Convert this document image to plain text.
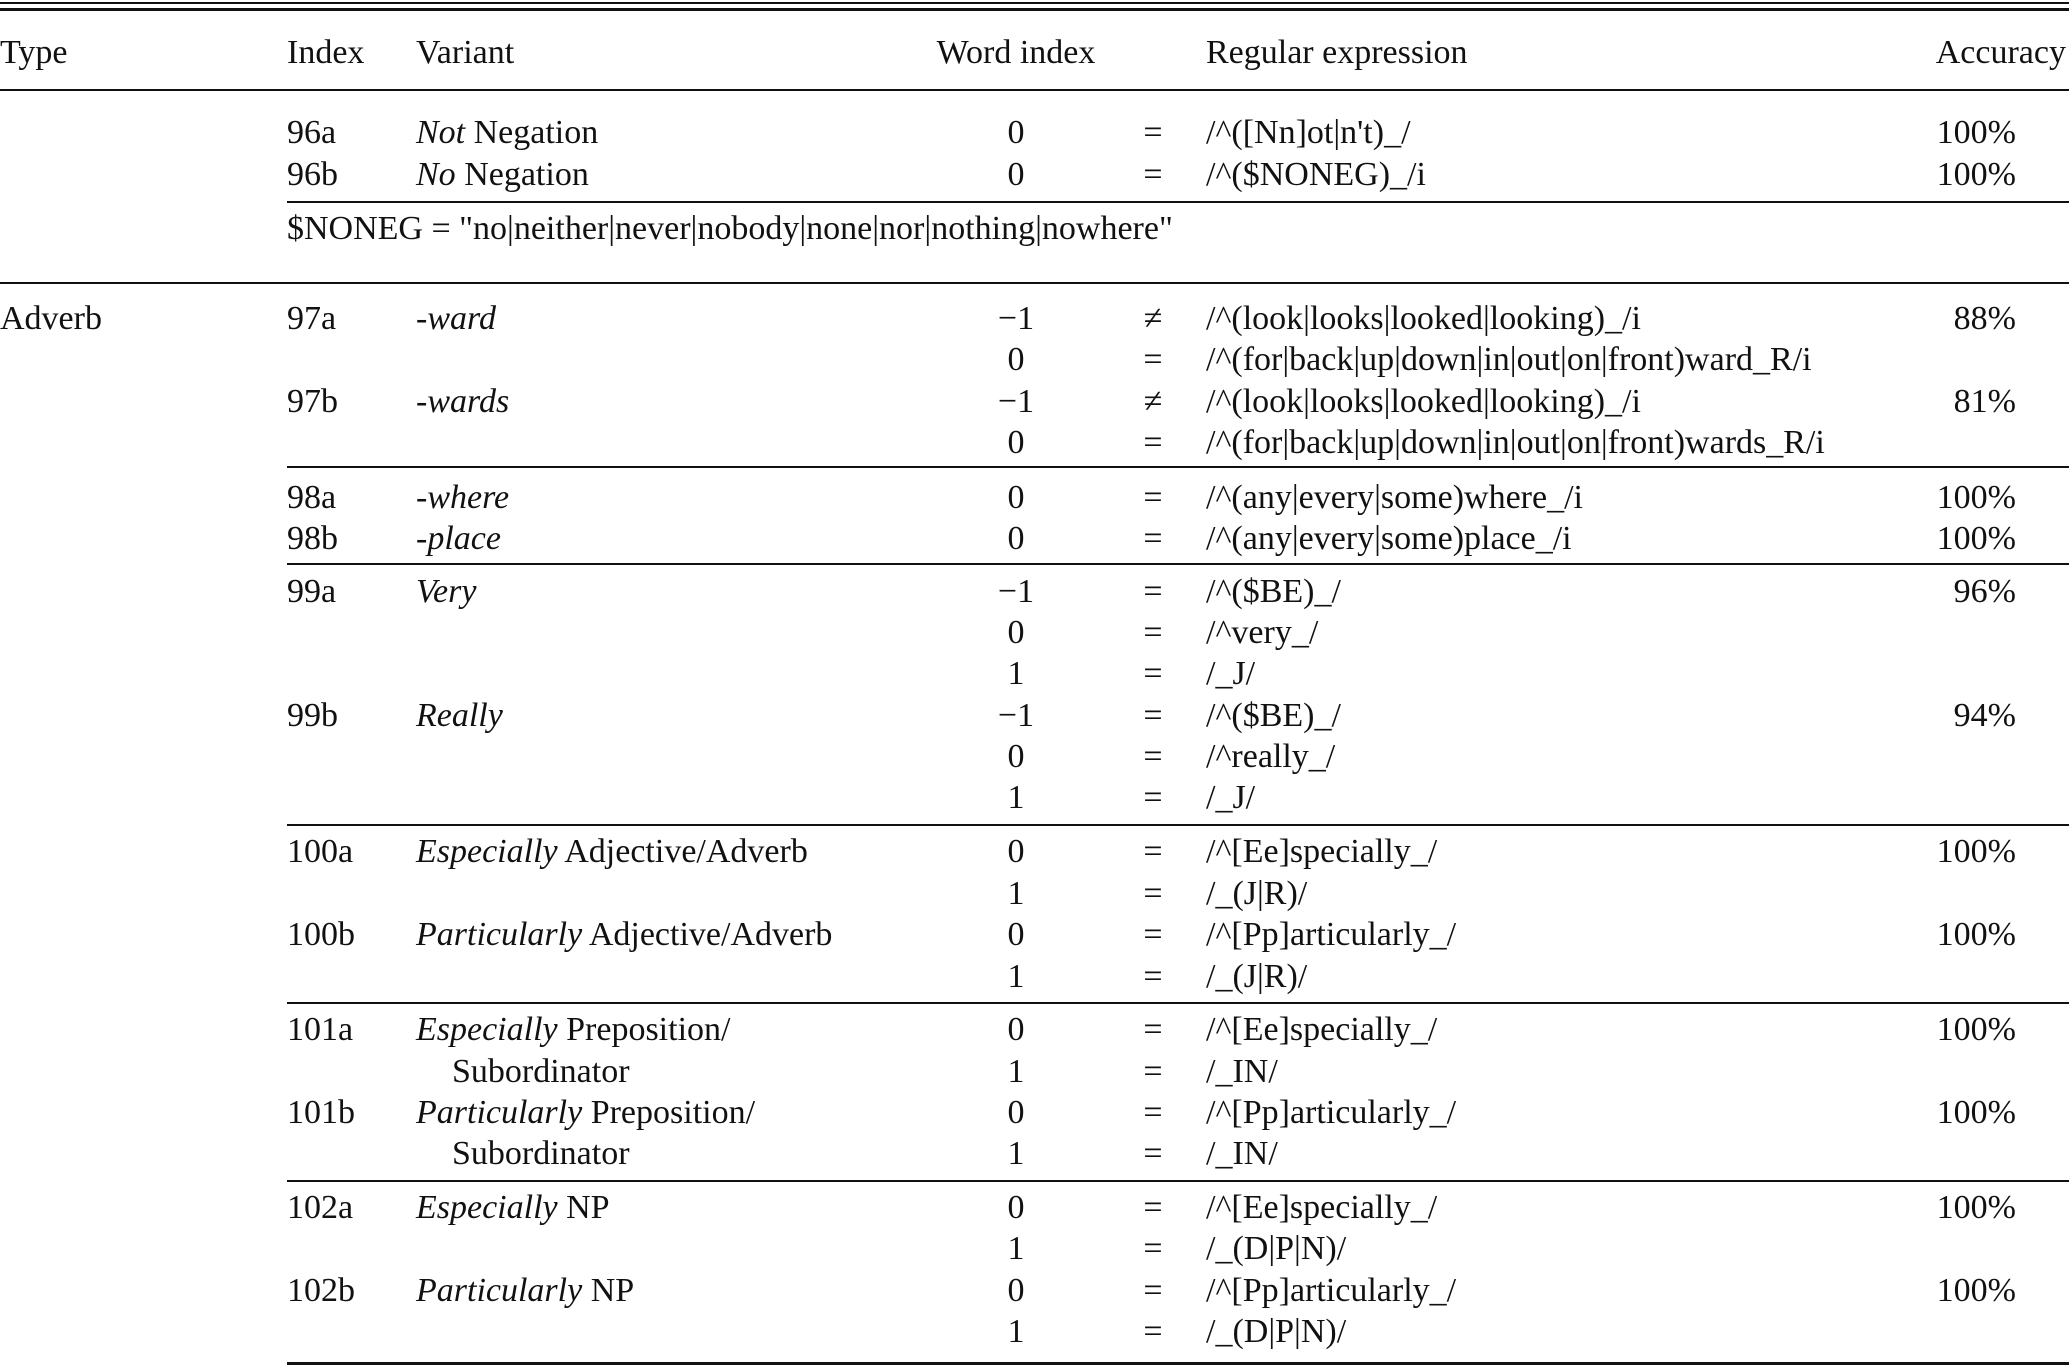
Type	Index Variant	Word index	Regular expression	Accuracy
96a Not Negation	0	=	/^([Nn]ot|n't)_/	100%
96b No Negation	0	=	/^($NONEG)_/i	100%
$NONEG = "no|neither|never|nobody|none|nor|nothing|nowhere"
Adverb	97a -ward	−1	≠	/^(look|looks|looked|looking)_/i	88%
0	=	/^(for|back|up|down|in|out|on|front)ward_R/i
97b -wards	−1	≠	/^(look|looks|looked|looking)_/i	81%
0	=	/^(for|back|up|down|in|out|on|front)wards_R/i
98a -where	0	=	/^(any|every|some)where_/i	100%
98b -place	0	=	/^(any|every|some)place_/i	100%
99a Very	−1	=	/^($BE)_/	96%
0	=	/^very_/
1	=	/_J/
99b Really	−1	=	/^($BE)_/	94%
0	=	/^really_/
1	=	/_J/
100a Especially Adjective/Adverb	0	=	/^[Ee]specially_/	100%
1	=	/_(J|R)/
100b Particularly Adjective/Adverb	0	=	/^[Pp]articularly_/	100%
1	=	/_(J|R)/
101a Especially Preposition/	0	=	/^[Ee]specially_/	100%
Subordinator	1	=	/_IN/
101b Particularly Preposition/	0	=	/^[Pp]articularly_/	100%
Subordinator	1	=	/_IN/
102a Especially NP	0	=	/^[Ee]specially_/	100%
1	=	/_(D|P|N)/
102b Particularly NP	0	=	/^[Pp]articularly_/	100%
1	=	/_(D|P|N)/
